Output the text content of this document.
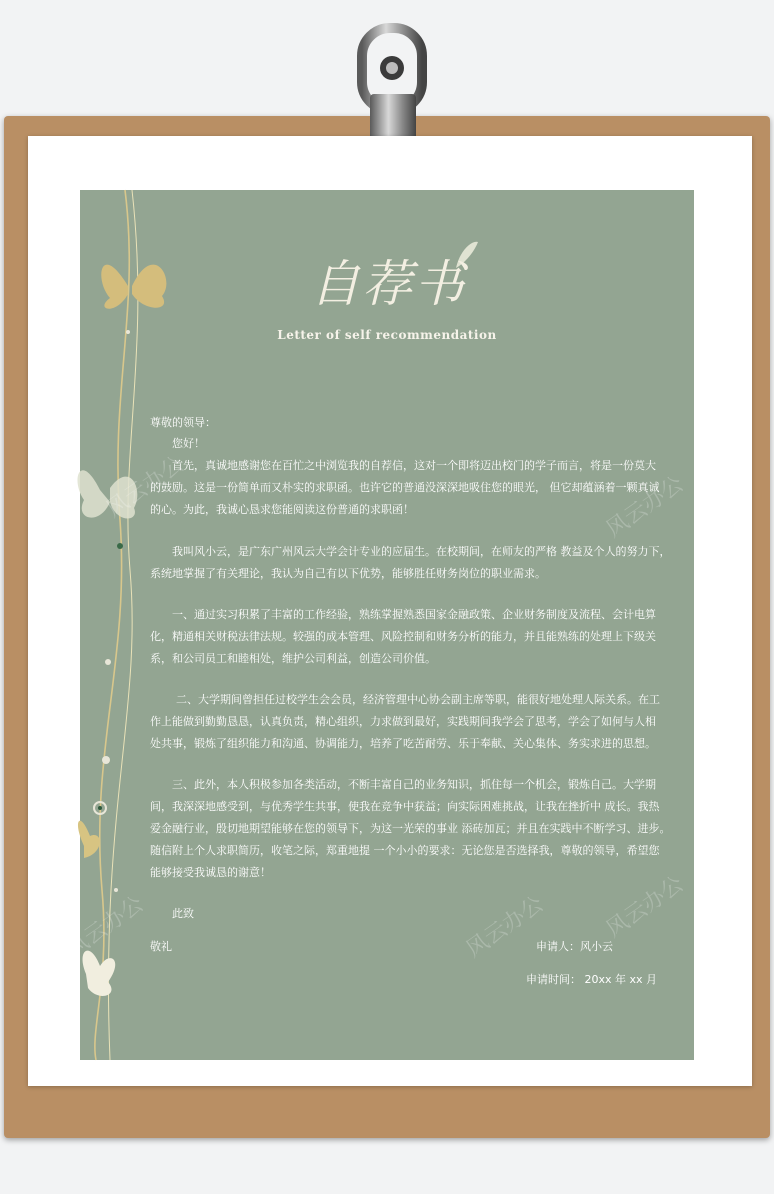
风云办公	风云办公
风云办公	风云办公 风云办公
自荐书
Letter of self recommendation
尊敬的领导：
您好！
首先，真诚地感谢您在百忙之中浏览我的自荐信，这对一个即将迈出校门的学子而言，将是一份莫大
的鼓励。这是一份简单而又朴实的求职函。也许它的普通没深深地吸住您的眼光， 但它却蕴涵着一颗真诚
的心。为此，我诚心恳求您能阅读这份普通的求职函！
我叫风小云，是广东广州风云大学会计专业的应届生。在校期间，在师友的严格 教益及个人的努力下，
系统地掌握了有关理论，我认为自己有以下优势，能够胜任财务岗位的职业需求。
一、通过实习积累了丰富的工作经验，熟练掌握熟悉国家金融政策、企业财务制度及流程、会计电算
化，精通相关财税法律法规。较强的成本管理、风险控制和财务分析的能力，并且能熟练的处理上下级关
系，和公司员工和睦相处，维护公司利益，创造公司价值。
二、大学期间曾担任过校学生会会员，经济管理中心协会副主席等职，能很好地处理人际关系。在工
作上能做到勤勤恳恳，认真负责，精心组织，力求做到最好，实践期间我学会了思考，学会了如何与人相
处共事，锻炼了组织能力和沟通、协调能力，培养了吃苦耐劳、乐于奉献、关心集体、务实求进的思想。
三、此外，本人积极参加各类活动，不断丰富自己的业务知识，抓住每一个机会，锻炼自己。大学期
间，我深深地感受到，与优秀学生共事，使我在竞争中获益；向实际困难挑战，让我在挫折中 成长。我热
爱金融行业，殷切地期望能够在您的领导下，为这一光荣的事业 添砖加瓦；并且在实践中不断学习、进步。
随信附上个人求职简历，收笔之际，郑重地提 一个小小的要求：无论您是否选择我，尊敬的领导，希望您
能够接受我诚恳的谢意！
此致
敬礼	申请人：风小云
申请时间： 20xx 年 xx 月
